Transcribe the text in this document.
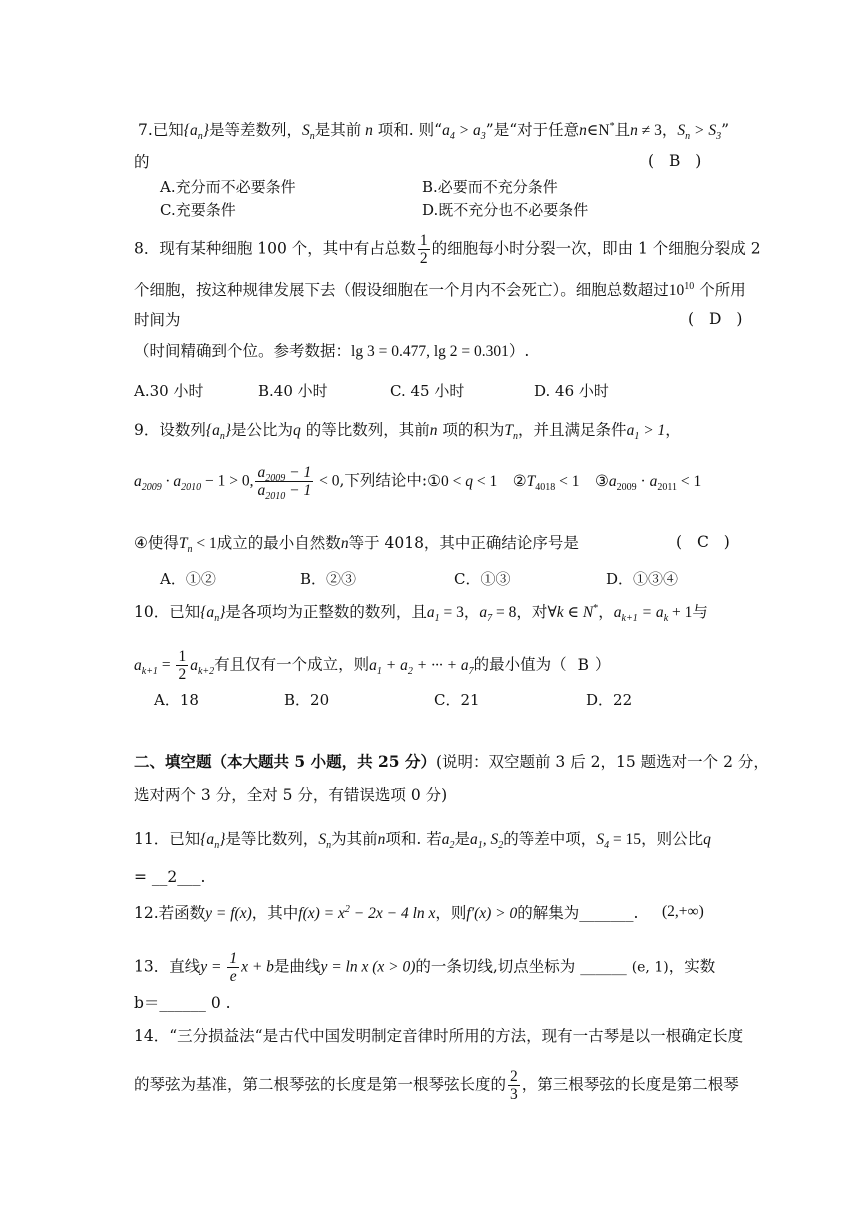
7.已知$\{a_n\}$是等差数列，$S_n$是其前 n 项和. 则“$a_4 > a_3$”是“对于任意n∈N*且n ≠ 3，$S_n > S_3$”
的	( B )
A.充分而不必要条件	B.必要而不充分条件
C.充要条件	D.既不充分也不必要条件
8．现有某种细胞 100 个，其中有占总数 $\frac{1}{2}$ 的细胞每小时分裂一次，即由 1 个细胞分裂成 2
个细胞，按这种规律发展下去（假设细胞在一个月内不会死亡）。细胞总数超过$10^{10}$ 个所用
时间为	( D )
（时间精确到个位。参考数据：lg 3 = 0.477, lg 2 = 0.301）.
A.30 小时	B.40 小时	C. 45 小时	D. 46 小时
9．设数列$\{a_n\}$是公比为q 的等比数列，其前n 项的积为$T_n$，并且满足条件$a_1 > 1$，
$a_{2009} \cdot a_{2010} - 1 > 0$, $\frac{a_{2009} - 1}{a_{2010} - 1} < 0$,下列结论中:①0 < q < 1    $②T_{4018} < 1$    $③a_{2009} \cdot a_{2011} < 1$
④使得$T_n < 1$成立的最小自然数n等于 4018，其中正确结论序号是	( C )
A．①②	B．②③	C．①③	D．①③④
10．已知$\{a_n\}$是各项均为正整数的数列，且$a_1 = 3$，$a_7 = 8$，对∀k ∈ N*，$a_{k+1} = a_k + 1$与
$a_{k+1} = \frac{1}{2} a_{k+2}$有且仅有一个成立，则$a_1 + a_2$ + ··· + $a_7$的最小值为（ B ）
A．18	B．20	C．21	D．22
二、填空题（本大题共 5 小题，共 25 分）(说明：双空题前 3 后 2，15 题选对一个 2 分，
选对两个 3 分，全对 5 分，有错误选项 0 分)
11．已知$\{a_n\}$是等比数列，$S_n$为其前n项和. 若$a_2$是$a_1$, $S_2$的等差中项，$S_4 = 15$，则公比q
= __2___.
12.若函数y = f(x)，其中$f(x) = x^2 - 2x - 4$ ln x，则f′(x) > 0的解集为_______. (2,+∞)
13．直线$y = \frac{1}{e}$ x + b是曲线y = ln x (x > 0)的一条切线,切点坐标为 ______ (e, 1)，实数
b＝______ 0 .
14．“三分损益法“是古代中国发明制定音律时所用的方法，现有一古琴是以一根确定长度
的琴弦为基准，第二根琴弦的长度是第一根琴弦长度的 $\frac{2}{3}$ ，第三根琴弦的长度是第二根琴
